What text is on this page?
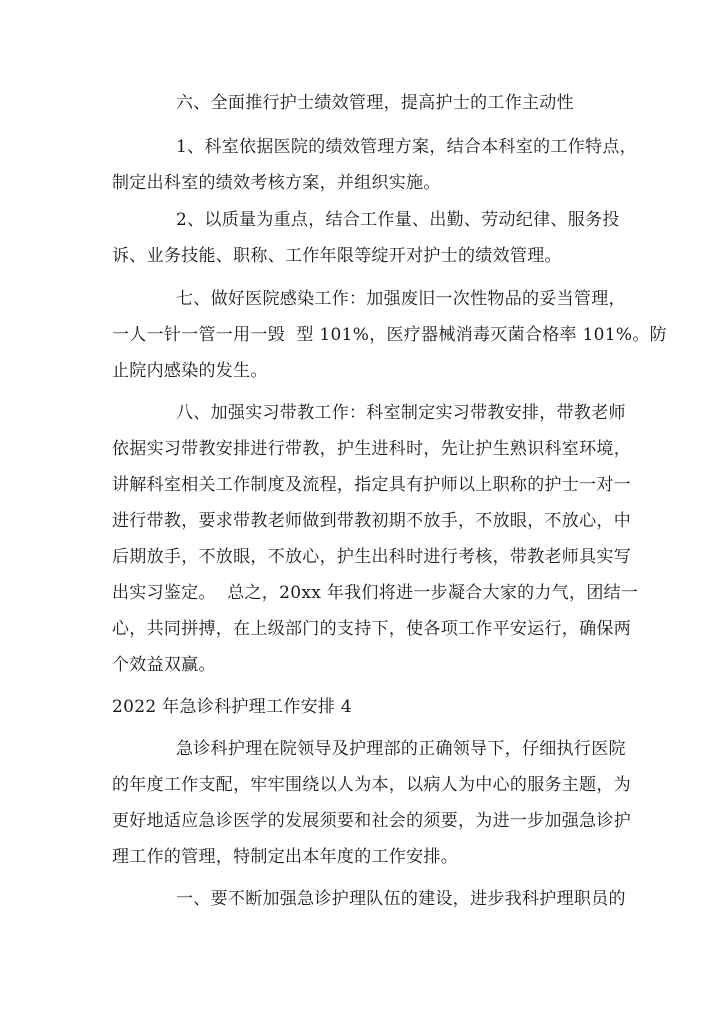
六、全面推行护士绩效管理，提高护士的工作主动性
1、科室依据医院的绩效管理方案，结合本科室的工作特点，
制定出科室的绩效考核方案，并组织实施。
2、以质量为重点，结合工作量、出勤、劳动纪律、服务投
诉、业务技能、职称、工作年限等绽开对护士的绩效管理。
七、做好医院感染工作：加强废旧一次性物品的妥当管理，
一人一针一管一用一毁  型 101%，医疗器械消毒灭菌合格率 101%。防
止院内感染的发生。
八、加强实习带教工作：科室制定实习带教安排，带教老师
依据实习带教安排进行带教，护生进科时，先让护生熟识科室环境，
讲解科室相关工作制度及流程，指定具有护师以上职称的护士一对一
进行带教，要求带教老师做到带教初期不放手，不放眼，不放心，中
后期放手，不放眼，不放心，护生出科时进行考核，带教老师具实写
出实习鉴定。  总之，20xx 年我们将进一步凝合大家的力气，团结一
心，共同拼搏，在上级部门的支持下，使各项工作平安运行，确保两
个效益双赢。
2022 年急诊科护理工作安排 4
急诊科护理在院领导及护理部的正确领导下，仔细执行医院
的年度工作支配，牢牢围绕以人为本，以病人为中心的服务主题，为
更好地适应急诊医学的发展须要和社会的须要，为进一步加强急诊护
理工作的管理，特制定出本年度的工作安排。
一、要不断加强急诊护理队伍的建设，进步我科护理职员的
